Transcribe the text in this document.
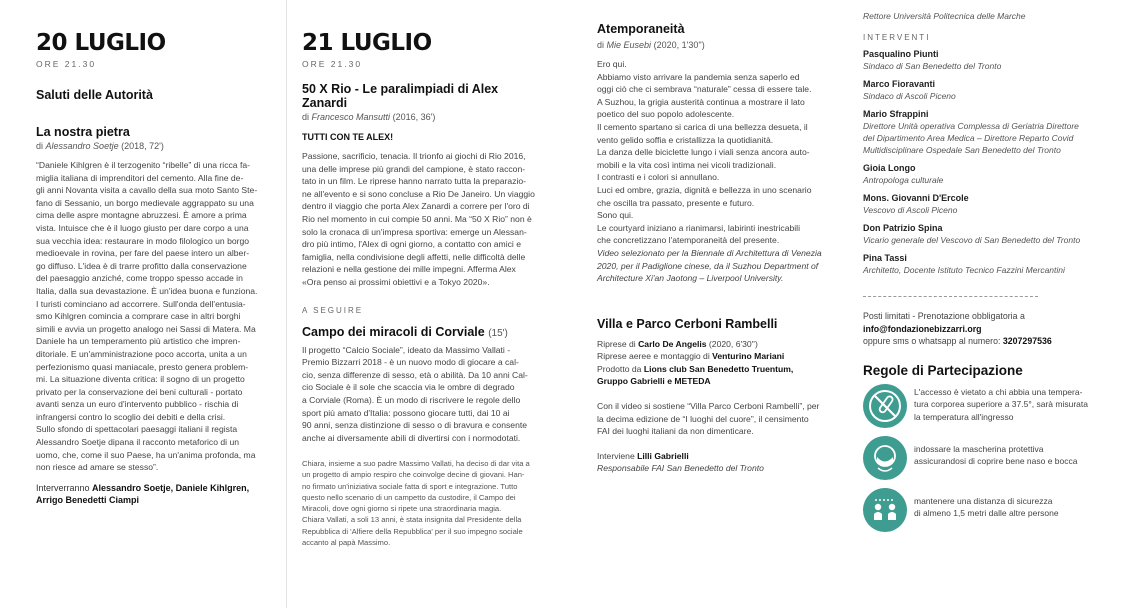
20 LUGLIO
ORE 21.30
Saluti delle Autorità
La nostra pietra
di Alessandro Soetje (2018, 72')

“Daniele Kihlgren è il terzogenito “ribelle” di una ricca fa-

miglia italiana di imprenditori del cemento. Alla fine de-

gli anni Novanta visita a cavallo della sua moto Santo Ste-

fano di Sessanio, un borgo medievale aggrappato su una

cima delle aspre montagne abruzzesi. È amore a prima

vista. Intuisce che è il luogo giusto per dare corpo a una

sua vecchia idea: restaurare in modo filologico un borgo

medioevale in rovina, per fare del paese intero un alber-

go diffuso. L'idea è di trarre profitto dalla conservazione

del paesaggio anziché, come troppo spesso accade in

Italia, dalla sua devastazione. È un'idea buona e funziona.

I turisti cominciano ad accorrere. Sull'onda dell'entusia-

smo Kihlgren comincia a comprare case in altri borghi

simili e avvia un progetto analogo nei Sassi di Matera. Ma

Daniele ha un temperamento più artistico che impren-

ditoriale. E un'amministrazione poco accorta, unita a un

perfezionismo quasi maniacale, presto genera problem-

mi. La situazione diventa critica: il sogno di un progetto

privato per la conservazione dei beni culturali - portato

avanti senza un euro d'intervento pubblico - rischia di

infrangersi contro lo scoglio dei debiti e della crisi.

Sullo sfondo di spettacolari paesaggi italiani il regista

Alessandro Soetje dipana il racconto metaforico di un

uomo, che, come il suo Paese, ha un'anima profonda, ma

non riesce ad amare se stesso”.

Interverranno Alessandro Soetje, Daniele Kihlgren,
Arrigo Benedetti Ciampi
21 LUGLIO
ORE 21.30
50 X Rio - Le paralimpiadi di Alex Zanardi
di Francesco Mansutti (2016, 36')
TUTTI CON TE ALEX!

Passione, sacrificio, tenacia. Il trionfo ai giochi di Rio 2016,

una delle imprese più grandi del campione, è stato raccon-

tato in un film. Le riprese hanno narrato tutta la preparazio-

ne all'evento e si sono concluse a Rio De Janeiro. Un viaggio

dentro il viaggio che porta Alex Zanardi a correre per l'oro di

Rio nel momento in cui compie 50 anni. Ma “50 X Rio” non è

solo la cronaca di un'impresa sportiva: emerge un Alessan-

dro più intimo, l'Alex di ogni giorno, a contatto con amici e

famiglia, nella condivisione degli affetti, nelle difficoltà delle

relazioni e nella gestione dei mille impegni. Afferma Alex

«Ora penso ai prossimi obiettivi e a Tokyo 2020».

A SEGUIRE
Campo dei miracoli di Corviale (15')

Il progetto “Calcio Sociale”, ideato da Massimo Vallati -

Premio Bizzarri 2018 - è un nuovo modo di giocare a cal-

cio, senza differenze di sesso, età o abilità. Da 10 anni Cal-

cio Sociale è il sole che scaccia via le ombre di degrado

a Corviale (Roma). È un modo di riscrivere le regole dello

sport più amato d'Italia: possono giocare tutti, dai 10 ai

90 anni, senza distinzione di sesso o di bravura e consente

anche ai diversamente abili di divertirsi con i normodotati.

Chiara, insieme a suo padre Massimo Vallati, ha deciso di dar vita a

un progetto di ampio respiro che coinvolge decine di giovani. Han-

no firmato un'iniziativa sociale fatta di sport e integrazione. Tutto

questo nello scenario di un campetto da custodire, il Campo dei

Miracoli, dove ogni giorno si ripete una straordinaria magia.

Chiara Vallati, a soli 13 anni, è stata insignita dal Presidente della

Repubblica di 'Alfiere della Repubblica' per il suo impegno sociale

accanto al papà Massimo.

Atemporaneità
di Mie Eusebi (2020, 1'30'')

Ero qui.

Abbiamo visto arrivare la pandemia senza saperlo ed

oggi ciò che ci sembrava “naturale” cessa di essere tale.

A Suzhou, la grigia austerità continua a mostrare il lato

poetico del suo popolo adolescente.

Il cemento spartano si carica di una bellezza desueta, il

vento gelido soffia e cristallizza la quotidianità.

La danza delle biciclette lungo i viali senza ancora auto-

mobili e la vita così intima nei vicoli tradizionali.

I contrasti e i colori si annullano.

Luci ed ombre, grazia, dignità e bellezza in uno scenario

che oscilla tra passato, presente e futuro.

Sono qui.

Le courtyard iniziano a rianimarsi, labirinti inestricabili

che concretizzano l'atemporaneità del presente.

Video selezionato per la Biennale di Architettura di Venezia

2020, per il Padiglione cinese, da il Suzhou Department of

Architecture Xi'an Jaotong – Liverpool University.

Villa e Parco Cerboni Rambelli

Riprese di Carlo De Angelis (2020, 6'30'')

Riprese aeree e montaggio di Venturino Mariani

Prodotto da Lions club San Benedetto Truentum,

Gruppo Gabrielli e METEDA

Con il video si sostiene “Villa Parco Cerboni Rambelli”, per

la decima edizione de “I luoghi del cuore”, il censimento

FAI dei luoghi italiani da non dimenticare.

Interviene Lilli Gabrielli

Responsabile FAI San Benedetto del Tronto

Rettore Università Politecnica delle Marche

INTERVENTI

Pasqualino Piunti

Sindaco di San Benedetto del Tronto

Marco Fioravanti

Sindaco di Ascoli Piceno

Mario Sfrappini

Direttore Unità operativa Complessa di Geriatria Direttore

del Dipartimento Area Medica – Direttore Reparto Covid

Multidisciplinare Ospedale San Benedetto del Tronto

Gioia Longo

Antropologa culturale

Mons. Giovanni D'Ercole

Vescovo di Ascoli Piceno

Don Patrizio Spina

Vicario generale del Vescovo di San Benedetto del Tronto

Pina Tassi

Architetto, Docente Istituto Tecnico Fazzini Mercantini

Posti limitati - Prenotazione obbligatoria a
info@fondazionebizzarri.org
oppure sms o whatsapp al numero: 3207297536
Regole di Partecipazione
L'accesso è vietato a chi abbia una tempera-
tura corporea superiore a 37.5°, sarà misurata
la temperatura all'ingresso
indossare la mascherina protettiva
assicurandosi di coprire bene naso e bocca
mantenere una distanza di sicurezza
di almeno 1,5 metri dalle altre persone
